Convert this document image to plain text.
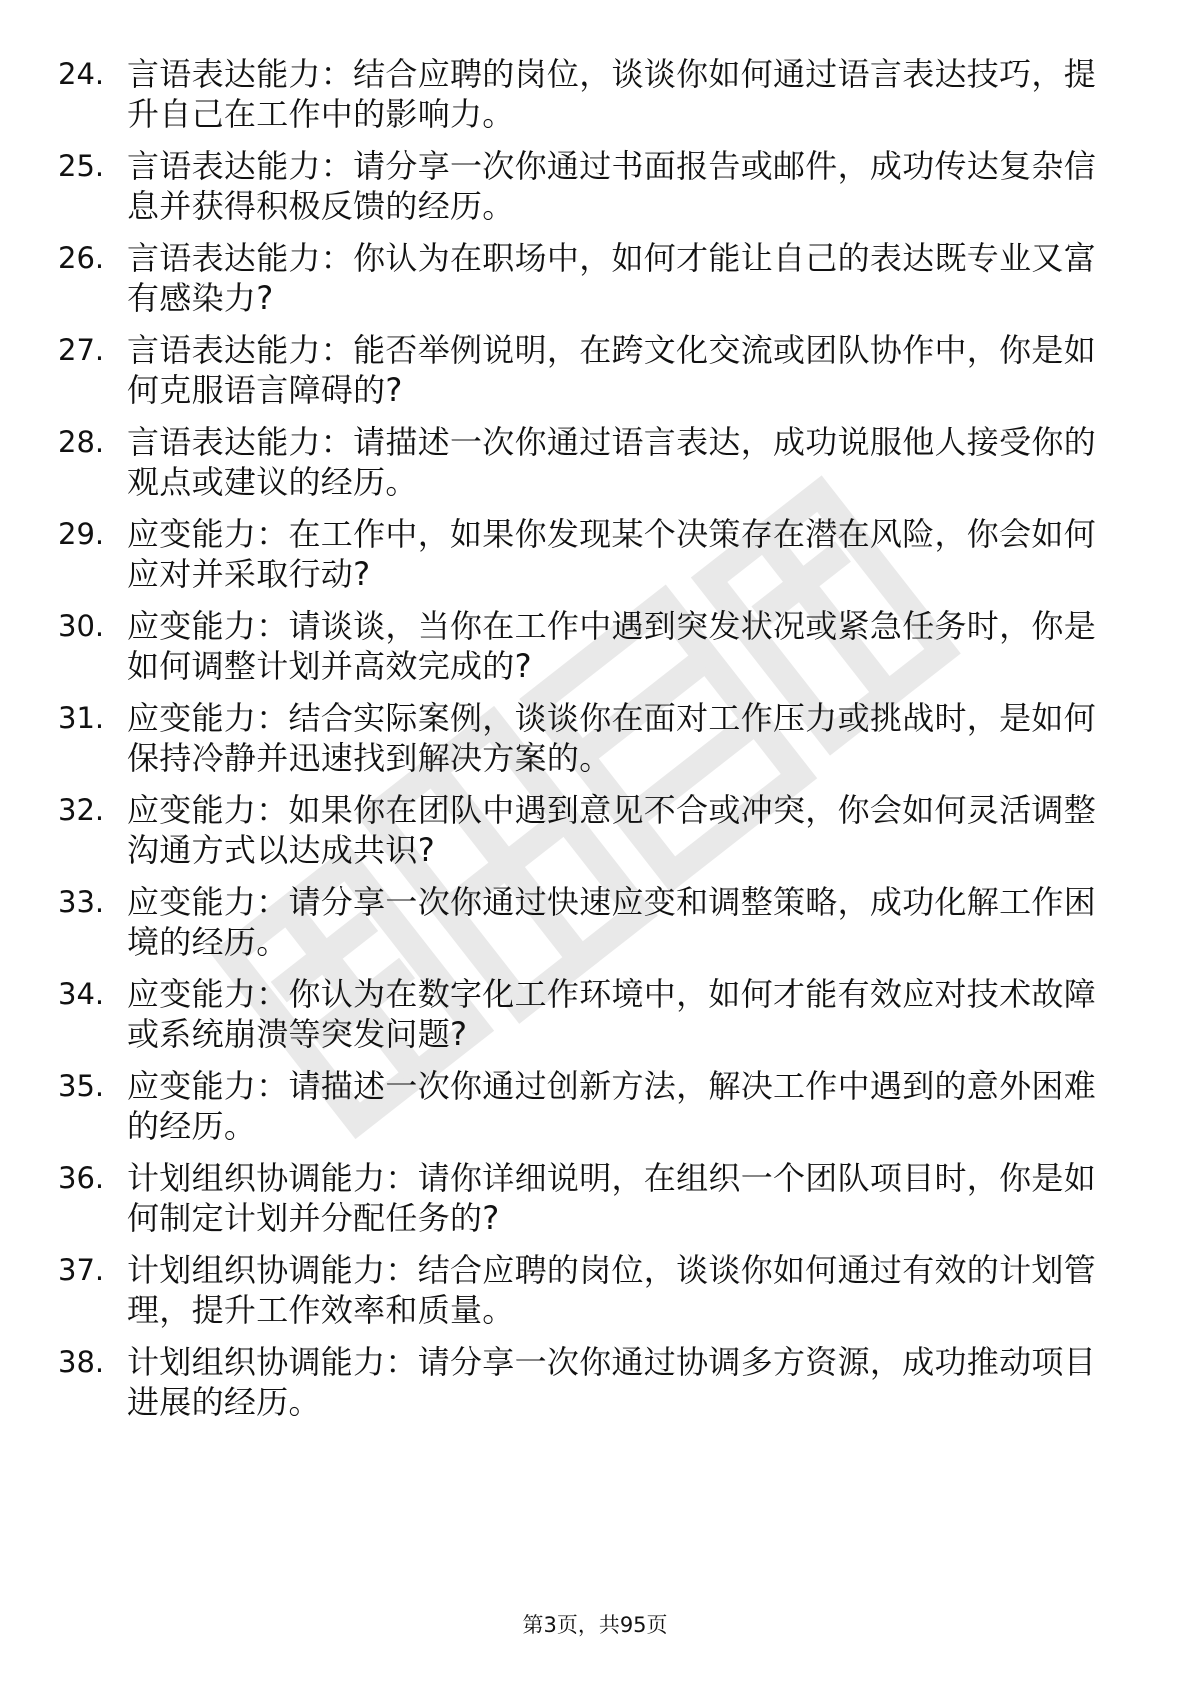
24. 言语表达能力：结合应聘的岗位，谈谈你如何通过语言表达技巧，提升自己在工作中的影响力。

25. 言语表达能力：请分享一次你通过书面报告或邮件，成功传达复杂信息并获得积极反馈的经历。

26. 言语表达能力：你认为在职场中，如何才能让自己的表达既专业又富有感染力?

27. 言语表达能力：能否举例说明，在跨文化交流或团队协作中，你是如何克服语言障碍的?

28. 言语表达能力：请描述一次你通过语言表达，成功说服他人接受你的观点或建议的经历。

29. 应变能力：在工作中，如果你发现某个决策存在潜在风险，你会如何应对并采取行动?

30. 应变能力：请谈谈，当你在工作中遇到突发状况或紧急任务时，你是如何调整计划并高效完成的?

31. 应变能力：结合实际案例，谈谈你在面对工作压力或挑战时，是如何保持冷静并迅速找到解决方案的。

32. 应变能力：如果你在团队中遇到意见不合或冲突，你会如何灵活调整沟通方式以达成共识?

33. 应变能力：请分享一次你通过快速应变和调整策略，成功化解工作困境的经历。

34. 应变能力：你认为在数字化工作环境中，如何才能有效应对技术故障或系统崩溃等突发问题?

35. 应变能力：请描述一次你通过创新方法，解决工作中遇到的意外困难的经历。

36. 计划组织协调能力：请你详细说明，在组织一个团队项目时，你是如何制定计划并分配任务的?

37. 计划组织协调能力：结合应聘的岗位，谈谈你如何通过有效的计划管理，提升工作效率和质量。

38. 计划组织协调能力：请分享一次你通过协调多方资源，成功推动项目进展的经历。

第3页，共95页
